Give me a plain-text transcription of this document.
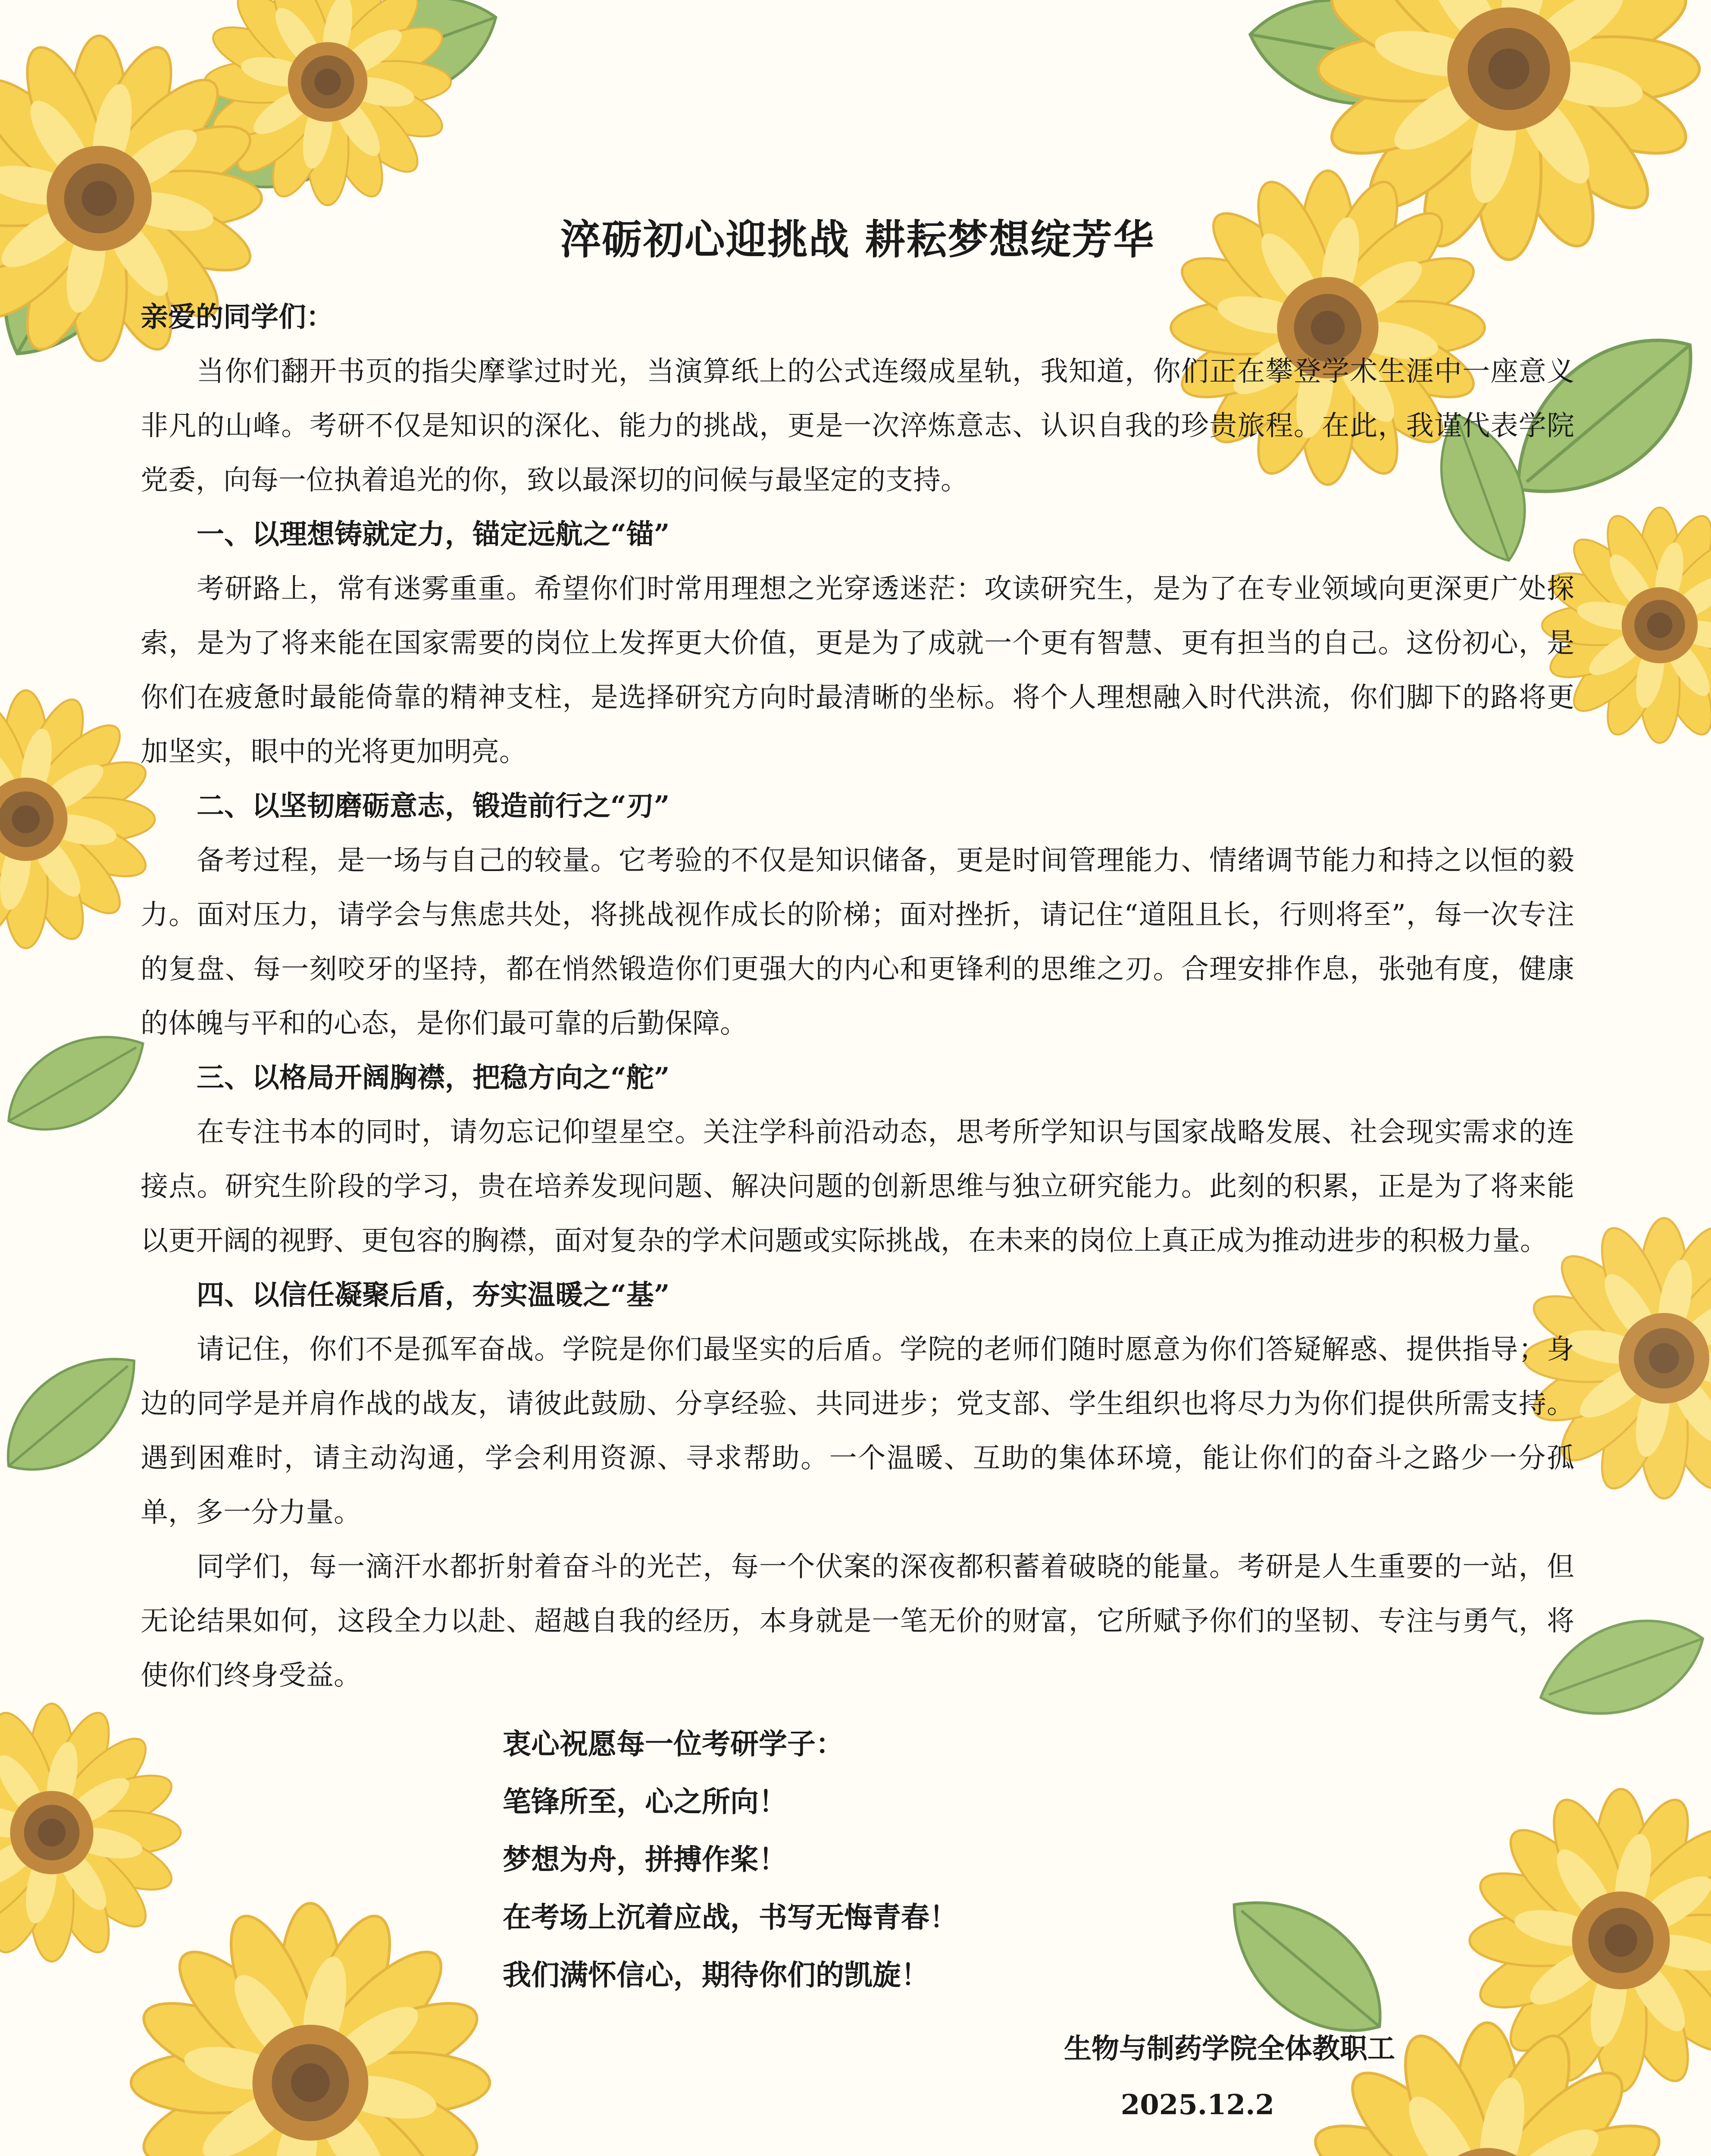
淬砺初心迎挑战 耕耘梦想绽芳华

亲爱的同学们：

当你们翻开书页的指尖摩挲过时光，当演算纸上的公式连缀成星轨，我知道，你们正在攀登学术生涯中一座意义非凡的山峰。考研不仅是知识的深化、能力的挑战，更是一次淬炼意志、认识自我的珍贵旅程。在此，我谨代表学院党委，向每一位执着追光的你，致以最深切的问候与最坚定的支持。

一、以理想铸就定力，锚定远航之“锚”

考研路上，常有迷雾重重。希望你们时常用理想之光穿透迷茫：攻读研究生，是为了在专业领域向更深更广处探索，是为了将来能在国家需要的岗位上发挥更大价值，更是为了成就一个更有智慧、更有担当的自己。这份初心，是你们在疲惫时最能倚靠的精神支柱，是选择研究方向时最清晰的坐标。将个人理想融入时代洪流，你们脚下的路将更加坚实，眼中的光将更加明亮。

二、以坚韧磨砺意志，锻造前行之“刃”

备考过程，是一场与自己的较量。它考验的不仅是知识储备，更是时间管理能力、情绪调节能力和持之以恒的毅力。面对压力，请学会与焦虑共处，将挑战视作成长的阶梯；面对挫折，请记住“道阻且长，行则将至”，每一次专注的复盘、每一刻咬牙的坚持，都在悄然锻造你们更强大的内心和更锋利的思维之刃。合理安排作息，张弛有度，健康的体魄与平和的心态，是你们最可靠的后勤保障。

三、以格局开阔胸襟，把稳方向之“舵”

在专注书本的同时，请勿忘记仰望星空。关注学科前沿动态，思考所学知识与国家战略发展、社会现实需求的连接点。研究生阶段的学习，贵在培养发现问题、解决问题的创新思维与独立研究能力。此刻的积累，正是为了将来能以更开阔的视野、更包容的胸襟，面对复杂的学术问题或实际挑战，在未来的岗位上真正成为推动进步的积极力量。

四、以信任凝聚后盾，夯实温暖之“基”

请记住，你们不是孤军奋战。学院是你们最坚实的后盾。学院的老师们随时愿意为你们答疑解惑、提供指导；身边的同学是并肩作战的战友，请彼此鼓励、分享经验、共同进步；党支部、学生组织也将尽力为你们提供所需支持。遇到困难时，请主动沟通，学会利用资源、寻求帮助。一个温暖、互助的集体环境，能让你们的奋斗之路少一分孤单，多一分力量。

同学们，每一滴汗水都折射着奋斗的光芒，每一个伏案的深夜都积蓄着破晓的能量。考研是人生重要的一站，但无论结果如何，这段全力以赴、超越自我的经历，本身就是一笔无价的财富，它所赋予你们的坚韧、专注与勇气，将使你们终身受益。

衷心祝愿每一位考研学子：
笔锋所至，心之所向！
梦想为舟，拼搏作桨！
在考场上沉着应战，书写无悔青春！
我们满怀信心，期待你们的凯旋！
生物与制药学院全体教职工
2025.12.2
